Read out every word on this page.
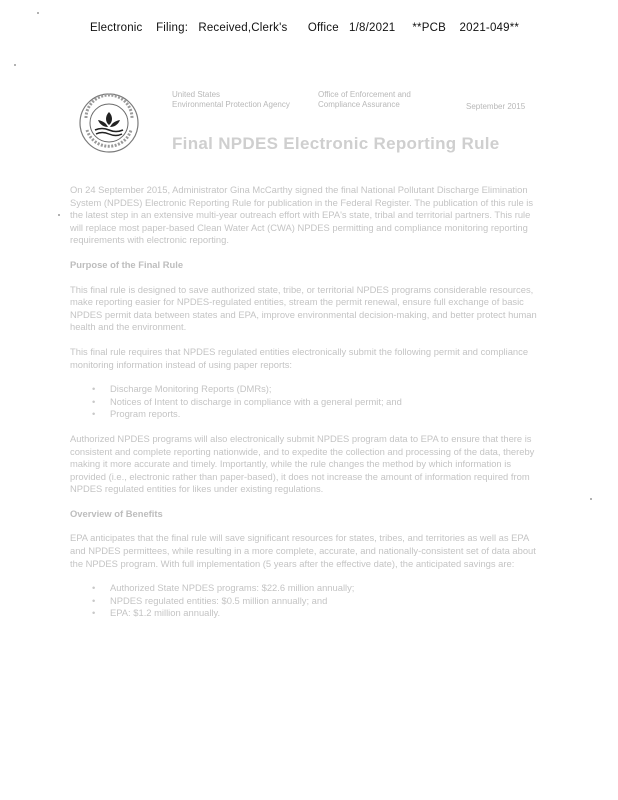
Electronic    Filing:   Received,Clerk's      Office   1/8/2021     **PCB    2021-049**
United States
Environmental Protection Agency
Office of Enforcement and
Compliance Assurance	September 2015
Final NPDES Electronic Reporting Rule

On 24 September 2015, Administrator Gina McCarthy signed the final National Pollutant Discharge Elimination System (NPDES) Electronic Reporting Rule for publication in the Federal Register. The publication of this rule is the latest step in an extensive multi-year outreach effort with EPA's state, tribal and territorial partners. This rule will replace most paper-based Clean Water Act (CWA) NPDES permitting and compliance monitoring reporting requirements with electronic reporting.

Purpose of the Final Rule

This final rule is designed to save authorized state, tribe, or territorial NPDES programs considerable resources, make reporting easier for NPDES-regulated entities, stream the permit renewal, ensure full exchange of basic NPDES permit data between states and EPA, improve environmental decision-making, and better protect human health and the environment.

This final rule requires that NPDES regulated entities electronically submit the following permit and compliance monitoring information instead of using paper reports:

• Discharge Monitoring Reports (DMRs);
• Notices of Intent to discharge in compliance with a general permit; and
• Program reports.

Authorized NPDES programs will also electronically submit NPDES program data to EPA to ensure that there is consistent and complete reporting nationwide, and to expedite the collection and processing of the data, thereby making it more accurate and timely. Importantly, while the rule changes the method by which information is provided (i.e., electronic rather than paper-based), it does not increase the amount of information required from NPDES regulated entities for likes under existing regulations.

Overview of Benefits

EPA anticipates that the final rule will save significant resources for states, tribes, and territories as well as EPA and NPDES permittees, while resulting in a more complete, accurate, and nationally-consistent set of data about the NPDES program. With full implementation (5 years after the effective date), the anticipated savings are:

• Authorized State NPDES programs: $22.6 million annually;
• NPDES regulated entities: $0.5 million annually; and
• EPA: $1.2 million annually.
